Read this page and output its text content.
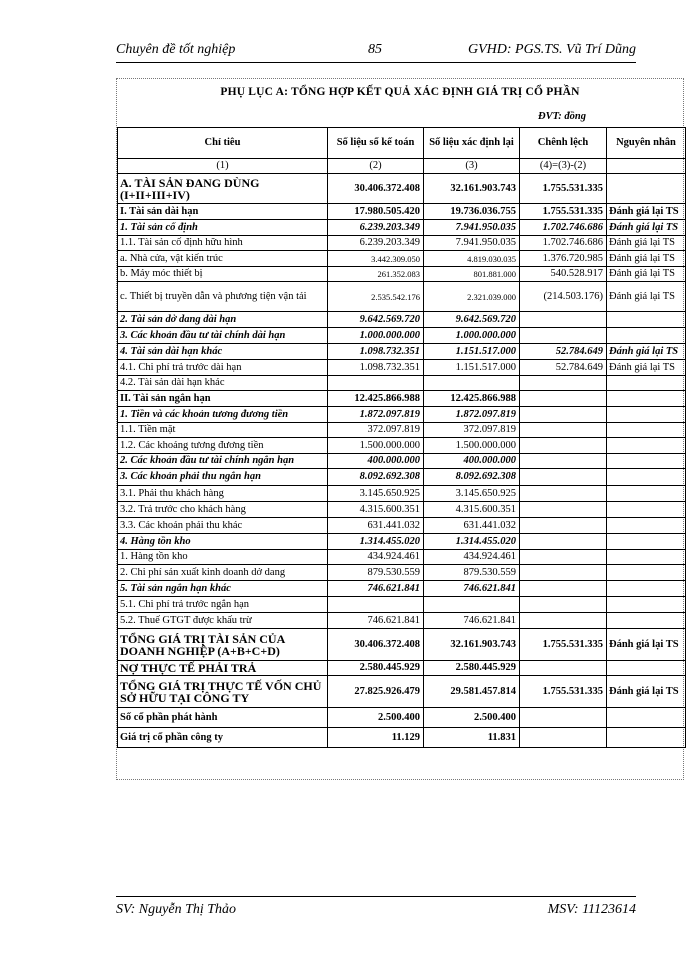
Chuyên đề tốt nghiệp	85	GVHD: PGS.TS. Vũ Trí Dũng
PHỤ LỤC A: TỔNG HỢP KẾT QUẢ XÁC ĐỊNH GIÁ TRỊ CỔ PHẦN
ĐVT: đồng
Chỉ tiêu	Số liệu sổ kế toán	Số liệu xác định lại	Chênh lệch	Nguyên nhân
(1)	(2)	(3)	(4)=(3)-(2)	
A. TÀI SẢN ĐANG DÙNG (I+II+III+IV)	30.406.372.408	32.161.903.743	1.755.531.335	
I. Tài sản dài hạn	17.980.505.420	19.736.036.755	1.755.531.335	Đánh giá lại TS
1. Tài sản cố định	6.239.203.349	7.941.950.035	1.702.746.686	Đánh giá lại TS
1.1. Tài sản cố định hữu hình	6.239.203.349	7.941.950.035	1.702.746.686	Đánh giá lại TS
a. Nhà cửa, vật kiến trúc	3.442.309.050	4.819.030.035	1.376.720.985	Đánh giá lại TS
b. Máy móc thiết bị	261.352.083	801.881.000	540.528.917	Đánh giá lại TS
c. Thiết bị truyền dẫn và phương tiện vận tải	2.535.542.176	2.321.039.000	(214.503.176)	Đánh giá lại TS
2. Tài sản dở dang dài hạn	9.642.569.720	9.642.569.720		
3. Các khoản đầu tư tài chính dài hạn	1.000.000.000	1.000.000.000		
4. Tài sản dài hạn khác	1.098.732.351	1.151.517.000	52.784.649	Đánh giá lại TS
4.1. Chi phí trả trước dài hạn	1.098.732.351	1.151.517.000	52.784.649	Đánh giá lại TS
4.2. Tài sản dài hạn khác				
II. Tài sản ngắn hạn	12.425.866.988	12.425.866.988		
1. Tiền và các khoản tương đương tiền	1.872.097.819	1.872.097.819		
1.1. Tiền mặt	372.097.819	372.097.819		
1.2. Các khoảng tương đương tiền	1.500.000.000	1.500.000.000		
2. Các khoản đầu tư tài chính ngắn hạn	400.000.000	400.000.000		
3. Các khoản phải thu ngắn hạn	8.092.692.308	8.092.692.308		
3.1. Phải thu khách hàng	3.145.650.925	3.145.650.925		
3.2. Trả trước cho khách hàng	4.315.600.351	4.315.600.351		
3.3. Các khoản phải thu khác	631.441.032	631.441.032		
4. Hàng tồn kho	1.314.455.020	1.314.455.020		
1. Hàng tồn kho	434.924.461	434.924.461		
2. Chi phí sản xuất kinh doanh dở dang	879.530.559	879.530.559		
5. Tài sản ngắn hạn khác	746.621.841	746.621.841		
5.1. Chi phí trả trước ngắn hạn				
5.2. Thuế GTGT được khấu trừ	746.621.841	746.621.841		
TỔNG GIÁ TRỊ TÀI SẢN CỦA DOANH NGHIỆP (A+B+C+D)	30.406.372.408	32.161.903.743	1.755.531.335	Đánh giá lại TS
NỢ THỰC TẾ PHẢI TRẢ	2.580.445.929	2.580.445.929		
TỔNG GIÁ TRỊ THỰC TẾ VỐN CHỦ SỞ HỮU TẠI CÔNG TY	27.825.926.479	29.581.457.814	1.755.531.335	Đánh giá lại TS
Số cổ phần phát hành	2.500.400	2.500.400		
Giá trị cổ phần công ty	11.129	11.831		
SV: Nguyễn Thị Thảo	MSV: 11123614
